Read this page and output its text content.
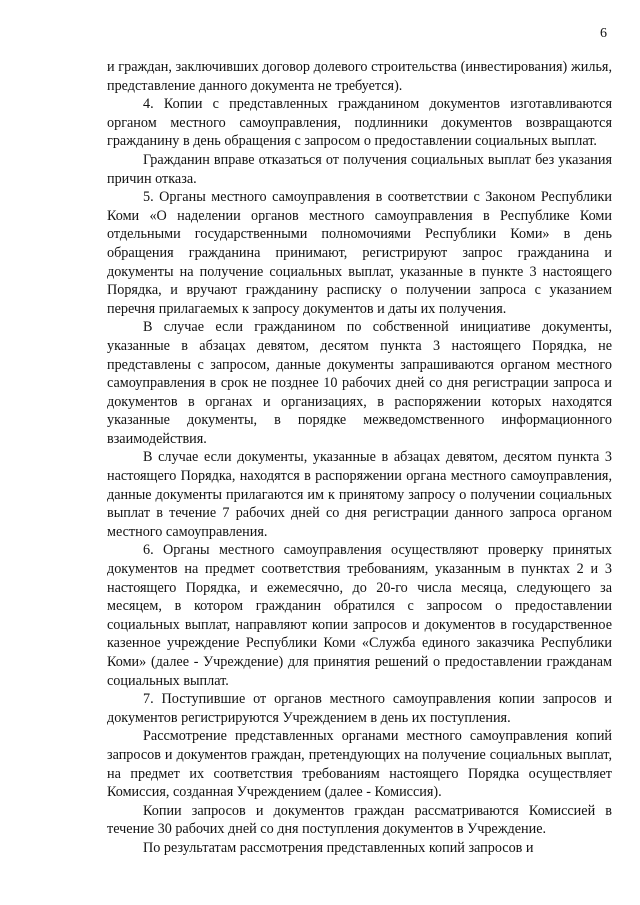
6

и граждан, заключивших договор долевого строительства (инвестирования) жилья, представление данного документа не требуется).

4. Копии с представленных гражданином документов изготавливаются органом местного самоуправления, подлинники документов возвращаются гражданину в день обращения с запросом о предоставлении социальных выплат.

Гражданин вправе отказаться от получения социальных выплат без указания причин отказа.

5. Органы местного самоуправления в соответствии с Законом Республики Коми «О наделении органов местного самоуправления в Республике Коми отдельными государственными полномочиями Республики Коми» в день обращения гражданина принимают, регистрируют запрос гражданина и документы на получение социальных выплат, указанные в пункте 3 настоящего Порядка, и вручают гражданину расписку о получении запроса с указанием перечня прилагаемых к запросу документов и даты их получения.

В случае если гражданином по собственной инициативе документы, указанные в абзацах девятом, десятом пункта 3 настоящего Порядка, не представлены с запросом, данные документы запрашиваются органом местного самоуправления в срок не позднее 10 рабочих дней со дня регистрации запроса и документов в органах и организациях, в распоряжении которых находятся указанные документы, в порядке межведомственного информационного взаимодействия.

В случае если документы, указанные в абзацах девятом, десятом пункта 3 настоящего Порядка, находятся в распоряжении органа местного самоуправления, данные документы прилагаются им к принятому запросу о получении социальных выплат в течение 7 рабочих дней со дня регистрации данного запроса органом местного самоуправления.

6. Органы местного самоуправления осуществляют проверку принятых документов на предмет соответствия требованиям, указанным в пунктах 2 и 3 настоящего Порядка, и ежемесячно, до 20-го числа месяца, следующего за месяцем, в котором гражданин обратился с запросом о предоставлении социальных выплат, направляют копии запросов и документов в государственное казенное учреждение Республики Коми «Служба единого заказчика Республики Коми» (далее - Учреждение) для принятия решений о предоставлении гражданам социальных выплат.

7. Поступившие от органов местного самоуправления копии запросов и документов регистрируются Учреждением в день их поступления.

Рассмотрение представленных органами местного самоуправления копий запросов и документов граждан, претендующих на получение социальных выплат, на предмет их соответствия требованиям настоящего Порядка осуществляет Комиссия, созданная Учреждением (далее - Комиссия).

Копии запросов и документов граждан рассматриваются Комиссией в течение 30 рабочих дней со дня поступления документов в Учреждение.

По результатам рассмотрения представленных копий запросов и
